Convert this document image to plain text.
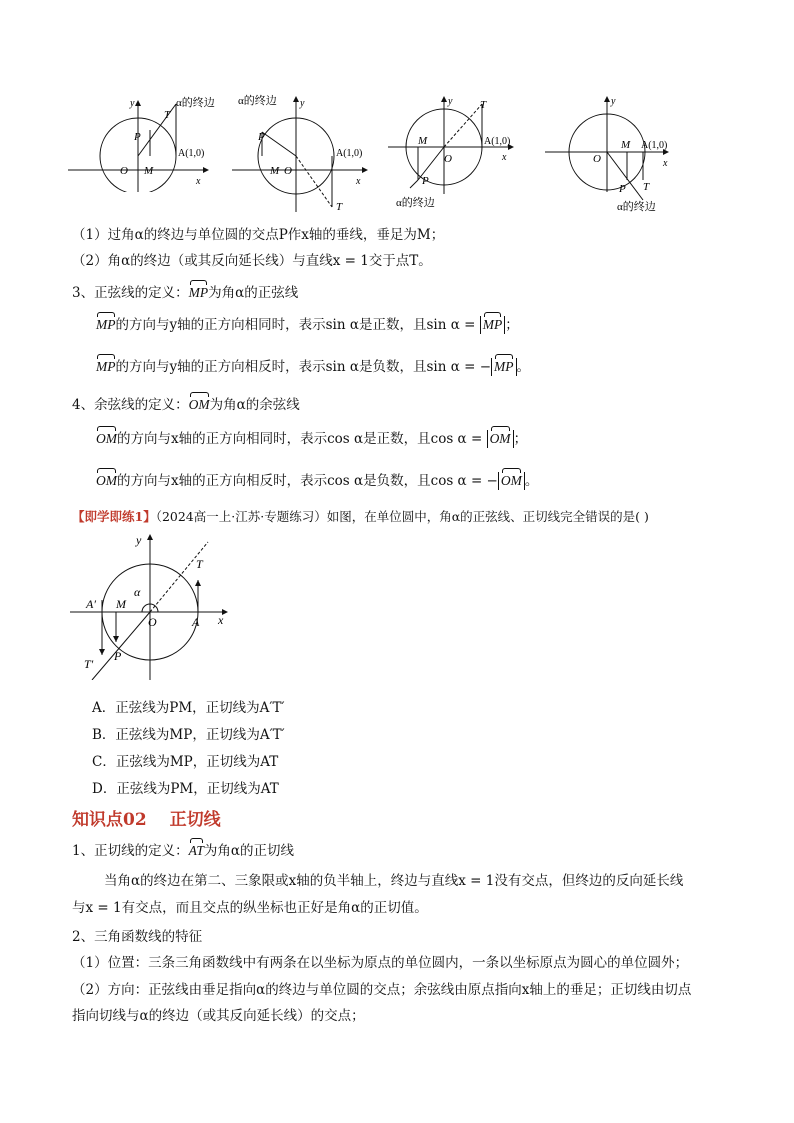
α的终边
y
x
P
T
O M
A(1,0)
α的终边 y
x
P
T
O
M
A(1,0)
α的终边
y
x
P
T
O
M	A(1,0)
α的终边
y
x
P T
O
M A(1,0)
（1）过角α的终边与单位圆的交点P作x轴的垂线，垂足为M；
（2）角α的终边（或其反向延长线）与直线x = 1交于点T。
3、正弦线的定义：MP为角α的正弦线
MP的方向与y轴的正方向相同时，表示sin α是正数，且sin α = MP ；
MP的方向与y轴的正方向相反时，表示sin α是负数，且sin α = − MP 。
4、余弦线的定义：OM为角α的余弦线
OM的方向与x轴的正方向相同时，表示cos α是正数，且cos α = OM ；
OM的方向与x轴的正方向相反时，表示cos α是负数，且cos α = − OM 。
【即学即练1】（2024高一上·江苏·专题练习）如图，在单位圆中，角α的正弦线、正切线完全错误的是( )
y
x
T
A′ M
α
O	A
T′
P
A．正弦线为PM，正切线为A′T′
B．正弦线为MP，正切线为A′T′
C．正弦线为MP，正切线为AT
D．正弦线为PM，正切线为AT
知识点02　 正切线
1、正切线的定义：AT为角α的正切线
当角α的终边在第二、三象限或x轴的负半轴上，终边与直线x = 1没有交点，但终边的反向延长线
与x = 1有交点，而且交点的纵坐标也正好是角α的正切值。
2、三角函数线的特征
（1）位置：三条三角函数线中有两条在以坐标为原点的单位圆内，一条以坐标原点为圆心的单位圆外；
（2）方向：正弦线由垂足指向α的终边与单位圆的交点；余弦线由原点指向x轴上的垂足；正切线由切点
指向切线与α的终边（或其反向延长线）的交点；
